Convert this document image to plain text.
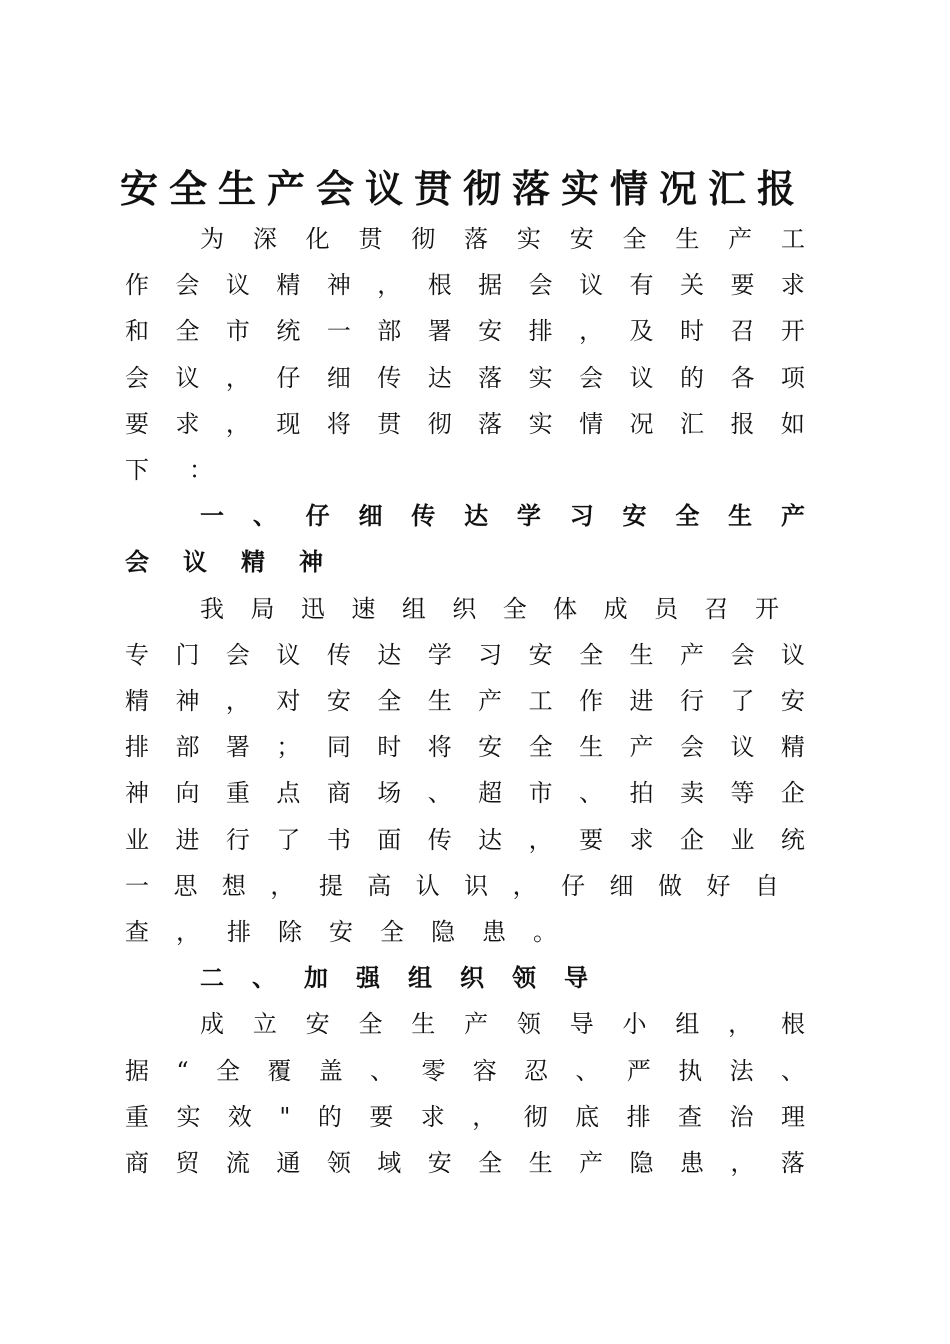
安全生产会议贯彻落实情况汇报
为 深 化 贯 彻 落 实 安 全 生 产 工
作 会 议 精 神 ， 根 据 会 议 有 关 要 求
和 全 市 统 一 部 署 安 排 ， 及 时 召 开
会 议 ， 仔 细 传 达 落 实 会 议 的 各 项
要 求 ， 现 将 贯 彻 落 实 情 况 汇 报 如
下 ：
一 、 仔 细 传 达 学 习 安 全 生 产
会 议 精 神
我 局 迅 速 组 织 全 体 成 员 召 开
专 门 会 议 传 达 学 习 安 全 生 产 会 议
精 神 ， 对 安 全 生 产 工 作 进 行 了 安
排 部 署 ； 同 时 将 安 全 生 产 会 议 精
神 向 重 点 商 场 、 超 市 、 拍 卖 等 企
业 进 行 了 书 面 传 达 ， 要 求 企 业 统
一 思 想 ， 提 高 认 识 ， 仔 细 做 好 自
查 ， 排 除 安 全 隐 患 。
二 、 加 强 组 织 领 导
成 立 安 全 生 产 领 导 小 组 ， 根
据 “ 全 覆 盖 、 零 容 忍 、 严 执 法 、
重 实 效 " 的 要 求 ， 彻 底 排 查 治 理
商 贸 流 通 领 域 安 全 生 产 隐 患 ， 落
